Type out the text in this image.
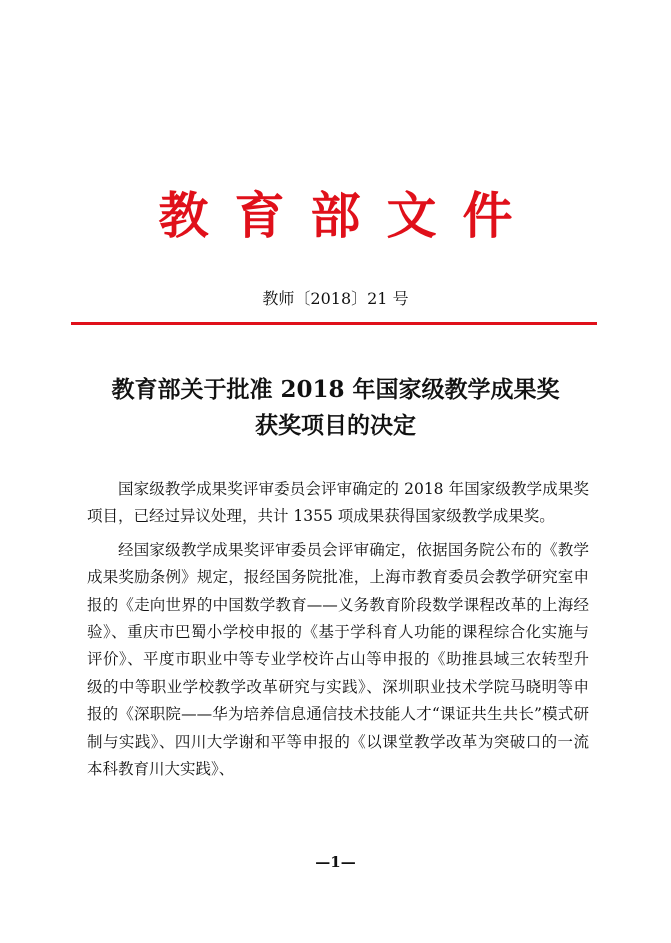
教育部文件
教师〔2018〕21 号
教育部关于批准 2018 年国家级教学成果奖
获奖项目的决定

国家级教学成果奖评审委员会评审确定的 2018 年国家级教学成果奖项目，已经过异议处理，共计 1355 项成果获得国家级教学成果奖。

经国家级教学成果奖评审委员会评审确定，依据国务院公布的《教学成果奖励条例》规定，报经国务院批准，上海市教育委员会教学研究室申报的《走向世界的中国数学教育——义务教育阶段数学课程改革的上海经验》、重庆市巴蜀小学校申报的《基于学科育人功能的课程综合化实施与评价》、平度市职业中等专业学校许占山等申报的《助推县域三农转型升级的中等职业学校教学改革研究与实践》、深圳职业技术学院马晓明等申报的《深职院——华为培养信息通信技术技能人才“课证共生共长”模式研制与实践》、四川大学谢和平等申报的《以课堂教学改革为突破口的一流本科教育川大实践》、

—1—
